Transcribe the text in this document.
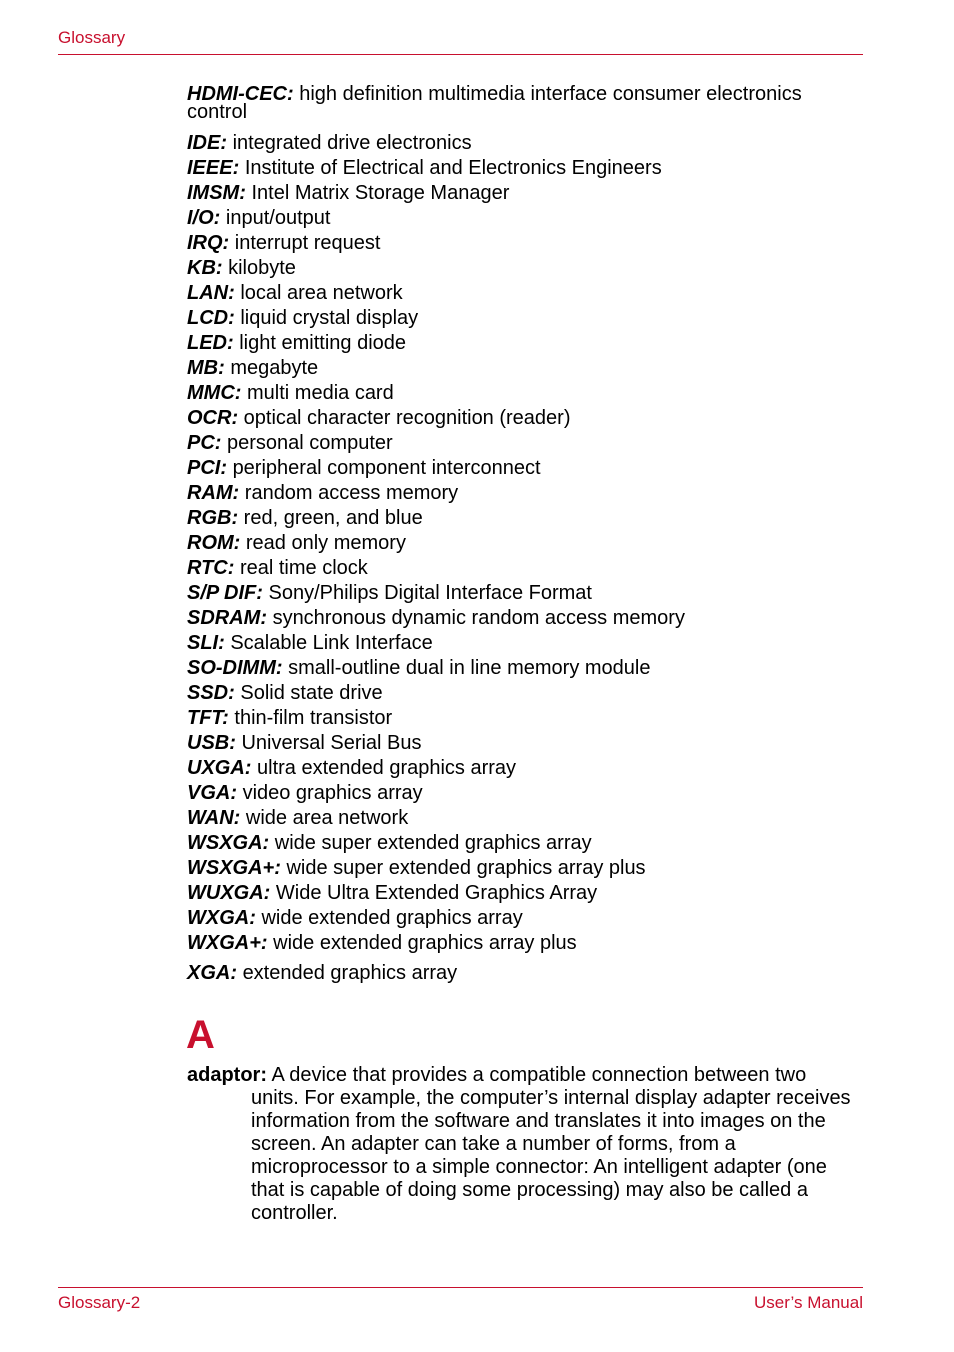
Glossary
HDMI-CEC: high definition multimedia interface consumer electronics control
IDE: integrated drive electronics
IEEE: Institute of Electrical and Electronics Engineers
IMSM: Intel Matrix Storage Manager
I/O: input/output
IRQ: interrupt request
KB: kilobyte
LAN: local area network
LCD: liquid crystal display
LED: light emitting diode
MB: megabyte
MMC: multi media card
OCR: optical character recognition (reader)
PC: personal computer
PCI: peripheral component interconnect
RAM: random access memory
RGB: red, green, and blue
ROM: read only memory
RTC: real time clock
S/P DIF: Sony/Philips Digital Interface Format
SDRAM: synchronous dynamic random access memory
SLI: Scalable Link Interface
SO-DIMM: small-outline dual in line memory module
SSD: Solid state drive
TFT: thin-film transistor
USB: Universal Serial Bus
UXGA: ultra extended graphics array
VGA: video graphics array
WAN: wide area network
WSXGA: wide super extended graphics array
WSXGA+: wide super extended graphics array plus
WUXGA: Wide Ultra Extended Graphics Array
WXGA: wide extended graphics array
WXGA+: wide extended graphics array plus
XGA: extended graphics array
A
adaptor: A device that provides a compatible connection between two
units. For example, the computer’s internal display adapter receives information from the software and translates it into images on the screen. An adapter can take a number of forms, from a microprocessor to a simple connector: An intelligent adapter (one that is capable of doing some processing) may also be called a controller.
Glossary-2	User’s Manual
